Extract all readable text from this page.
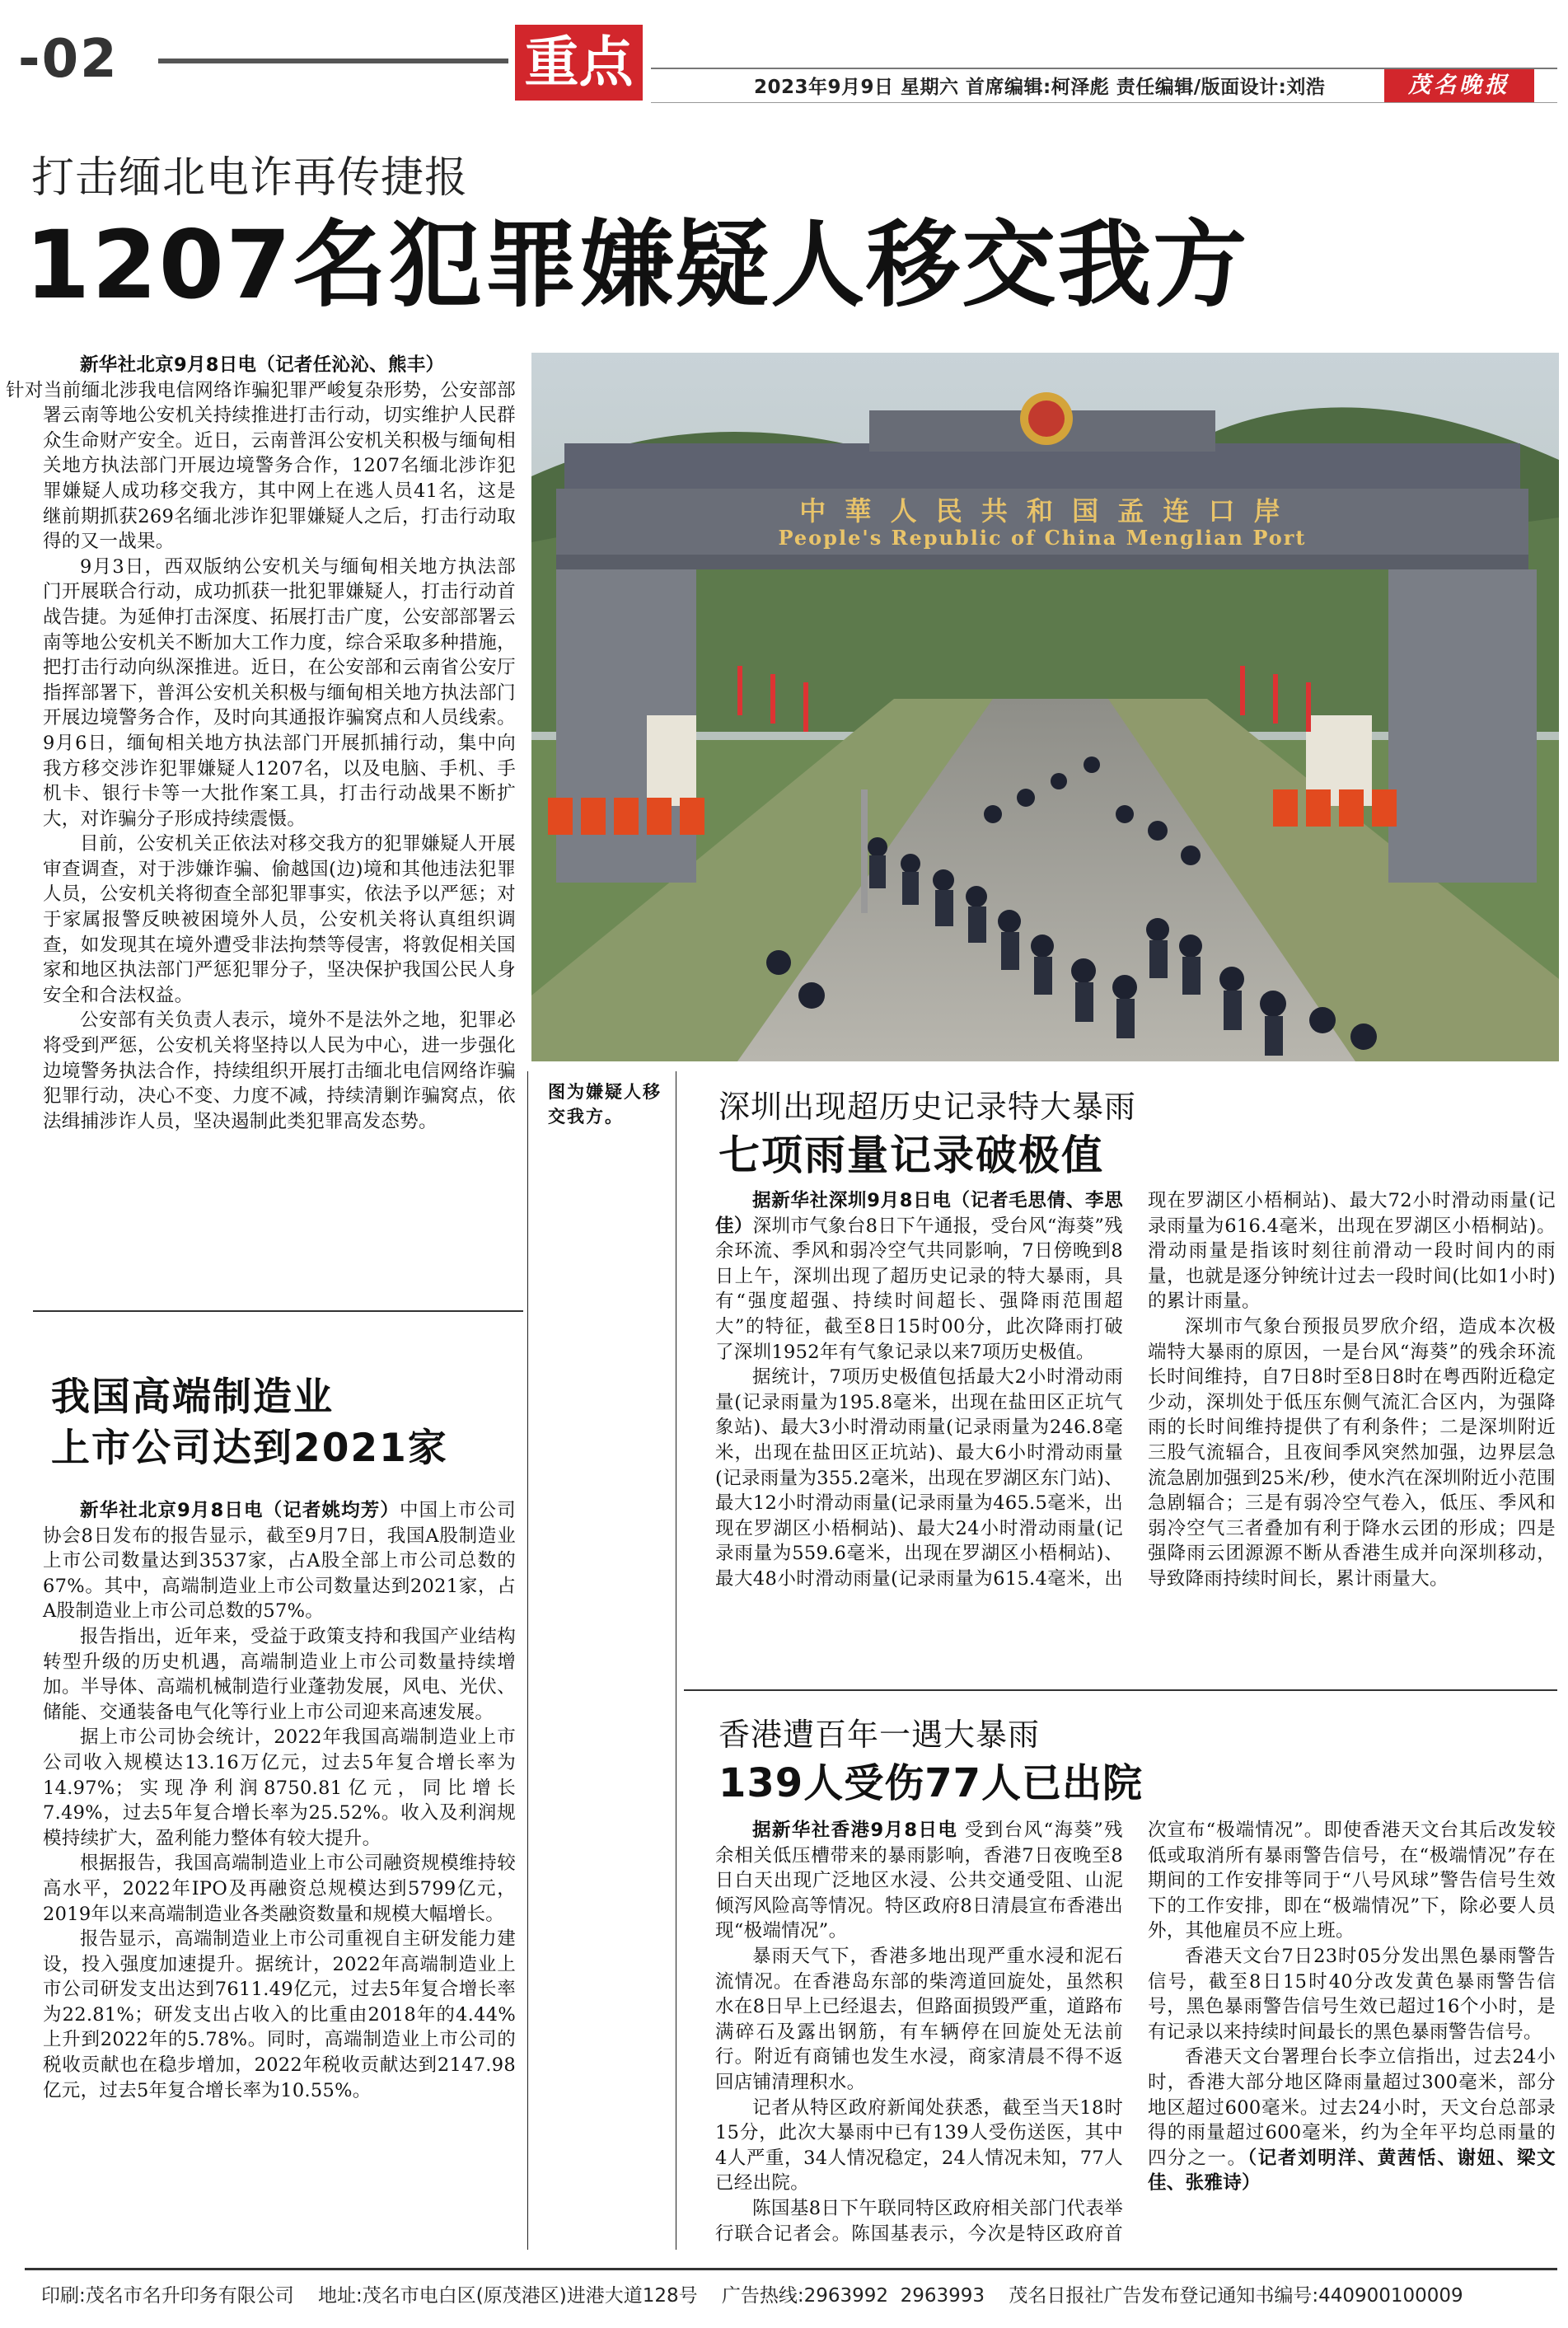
-02	重点	2023年9月9日 星期六 首席编辑:柯泽彪 责任编辑/版面设计:刘浩	茂名晚报
打击缅北电诈再传捷报
1207名犯罪嫌疑人移交我方

新华社北京9月8日电（记者任沁沁、熊丰）
针对当前缅北涉我电信网络诈骗犯罪严峻复杂形势，公安部部署云南等地公安机关持续推进打击行动，切实维护人民群众生命财产安全。近日，云南普洱公安机关积极与缅甸相关地方执法部门开展边境警务合作，1207名缅北涉诈犯罪嫌疑人成功移交我方，其中网上在逃人员41名，这是继前期抓获269名缅北涉诈犯罪嫌疑人之后，打击行动取得的又一战果。

9月3日，西双版纳公安机关与缅甸相关地方执法部门开展联合行动，成功抓获一批犯罪嫌疑人，打击行动首战告捷。为延伸打击深度、拓展打击广度，公安部部署云南等地公安机关不断加大工作力度，综合采取多种措施，把打击行动向纵深推进。近日，在公安部和云南省公安厅指挥部署下，普洱公安机关积极与缅甸相关地方执法部门开展边境警务合作，及时向其通报诈骗窝点和人员线索。9月6日，缅甸相关地方执法部门开展抓捕行动，集中向我方移交涉诈犯罪嫌疑人1207名，以及电脑、手机、手机卡、银行卡等一大批作案工具，打击行动战果不断扩大，对诈骗分子形成持续震慑。

目前，公安机关正依法对移交我方的犯罪嫌疑人开展审查调查，对于涉嫌诈骗、偷越国(边)境和其他违法犯罪人员，公安机关将彻查全部犯罪事实，依法予以严惩；对于家属报警反映被困境外人员，公安机关将认真组织调查，如发现其在境外遭受非法拘禁等侵害，将敦促相关国家和地区执法部门严惩犯罪分子，坚决保护我国公民人身安全和合法权益。

公安部有关负责人表示，境外不是法外之地，犯罪必将受到严惩，公安机关将坚持以人民为中心，进一步强化边境警务执法合作，持续组织开展打击缅北电信网络诈骗犯罪行动，决心不变、力度不减，持续清剿诈骗窝点，依法缉捕涉诈人员，坚决遏制此类犯罪高发态势。

中 華 人 民 共 和 国 孟 连 口 岸
People's Republic of China Menglian Port
图为嫌疑人移交我方。
我国高端制造业
上市公司达到2021家

新华社北京9月8日电（记者姚均芳）中国上市公司协会8日发布的报告显示，截至9月7日，我国A股制造业上市公司数量达到3537家，占A股全部上市公司总数的67%。其中，高端制造业上市公司数量达到2021家，占A股制造业上市公司总数的57%。

报告指出，近年来，受益于政策支持和我国产业结构转型升级的历史机遇，高端制造业上市公司数量持续增加。半导体、高端机械制造行业蓬勃发展，风电、光伏、储能、交通装备电气化等行业上市公司迎来高速发展。

据上市公司协会统计，2022年我国高端制造业上市公司收入规模达13.16万亿元，过去5年复合增长率为14.97%；实现净利润8750.81亿元，同比增长7.49%，过去5年复合增长率为25.52%。收入及利润规模持续扩大，盈利能力整体有较大提升。

根据报告，我国高端制造业上市公司融资规模维持较高水平，2022年IPO及再融资总规模达到5799亿元，2019年以来高端制造业各类融资数量和规模大幅增长。

报告显示，高端制造业上市公司重视自主研发能力建设，投入强度加速提升。据统计，2022年高端制造业上市公司研发支出达到7611.49亿元，过去5年复合增长率为22.81%；研发支出占收入的比重由2018年的4.44%上升到2022年的5.78%。同时，高端制造业上市公司的税收贡献也在稳步增加，2022年税收贡献达到2147.98亿元，过去5年复合增长率为10.55%。

深圳出现超历史记录特大暴雨
七项雨量记录破极值

据新华社深圳9月8日电（记者毛思倩、李思佳）深圳市气象台8日下午通报，受台风“海葵”残余环流、季风和弱冷空气共同影响，7日傍晚到8日上午，深圳出现了超历史记录的特大暴雨，具有“强度超强、持续时间超长、强降雨范围超大”的特征，截至8日15时00分，此次降雨打破了深圳1952年有气象记录以来7项历史极值。

据统计，7项历史极值包括最大2小时滑动雨量(记录雨量为195.8毫米，出现在盐田区正坑气象站)、最大3小时滑动雨量(记录雨量为246.8毫米，出现在盐田区正坑站)、最大6小时滑动雨量(记录雨量为355.2毫米，出现在罗湖区东门站)、最大12小时滑动雨量(记录雨量为465.5毫米，出现在罗湖区小梧桐站)、最大24小时滑动雨量(记录雨量为559.6毫米，出现在罗湖区小梧桐站)、最大48小时滑动雨量(记录雨量为615.4毫米，出现在罗湖区小梧桐站)、最大72小时滑动雨量(记录雨量为616.4毫米，出现在罗湖区小梧桐站)。滑动雨量是指该时刻往前滑动一段时间内的雨量，也就是逐分钟统计过去一段时间(比如1小时)的累计雨量。

深圳市气象台预报员罗欣介绍，造成本次极端特大暴雨的原因，一是台风“海葵”的残余环流长时间维持，自7日8时至8日8时在粤西附近稳定少动，深圳处于低压东侧气流汇合区内，为强降雨的长时间维持提供了有利条件；二是深圳附近三股气流辐合，且夜间季风突然加强，边界层急流急剧加强到25米/秒，使水汽在深圳附近小范围急剧辐合；三是有弱冷空气卷入，低压、季风和弱冷空气三者叠加有利于降水云团的形成；四是强降雨云团源源不断从香港生成并向深圳移动，导致降雨持续时间长，累计雨量大。

香港遭百年一遇大暴雨
139人受伤77人已出院

据新华社香港9月8日电 受到台风“海葵”残余相关低压槽带来的暴雨影响，香港7日夜晚至8日白天出现广泛地区水浸、公共交通受阻、山泥倾泻风险高等情况。特区政府8日清晨宣布香港出现“极端情况”。

暴雨天气下，香港多地出现严重水浸和泥石流情况。在香港岛东部的柴湾道回旋处，虽然积水在8日早上已经退去，但路面损毁严重，道路布满碎石及露出钢筋，有车辆停在回旋处无法前行。附近有商铺也发生水浸，商家清晨不得不返回店铺清理积水。

记者从特区政府新闻处获悉，截至当天18时15分，此次大暴雨中已有139人受伤送医，其中4人严重，34人情况稳定，24人情况未知，77人已经出院。

陈国基8日下午联同特区政府相关部门代表举行联合记者会。陈国基表示，今次是特区政府首次宣布“极端情况”。即使香港天文台其后改发较低或取消所有暴雨警告信号，在“极端情况”存在期间的工作安排等同于“八号风球”警告信号生效下的工作安排，即在“极端情况”下，除必要人员外，其他雇员不应上班。

香港天文台7日23时05分发出黑色暴雨警告信号，截至8日15时40分改发黄色暴雨警告信号，黑色暴雨警告信号生效已超过16个小时，是有记录以来持续时间最长的黑色暴雨警告信号。

香港天文台署理台长李立信指出，过去24小时，香港大部分地区降雨量超过300毫米，部分地区超过600毫米。过去24小时，天文台总部录得的雨量超过600毫米，约为全年平均总雨量的四分之一。（记者刘明洋、黄茜恬、谢妞、梁文佳、张雅诗）

印刷:茂名市名升印务有限公司    地址:茂名市电白区(原茂港区)进港大道128号    广告热线:2963992  2963993    茂名日报社广告发布登记通知书编号:440900100009
